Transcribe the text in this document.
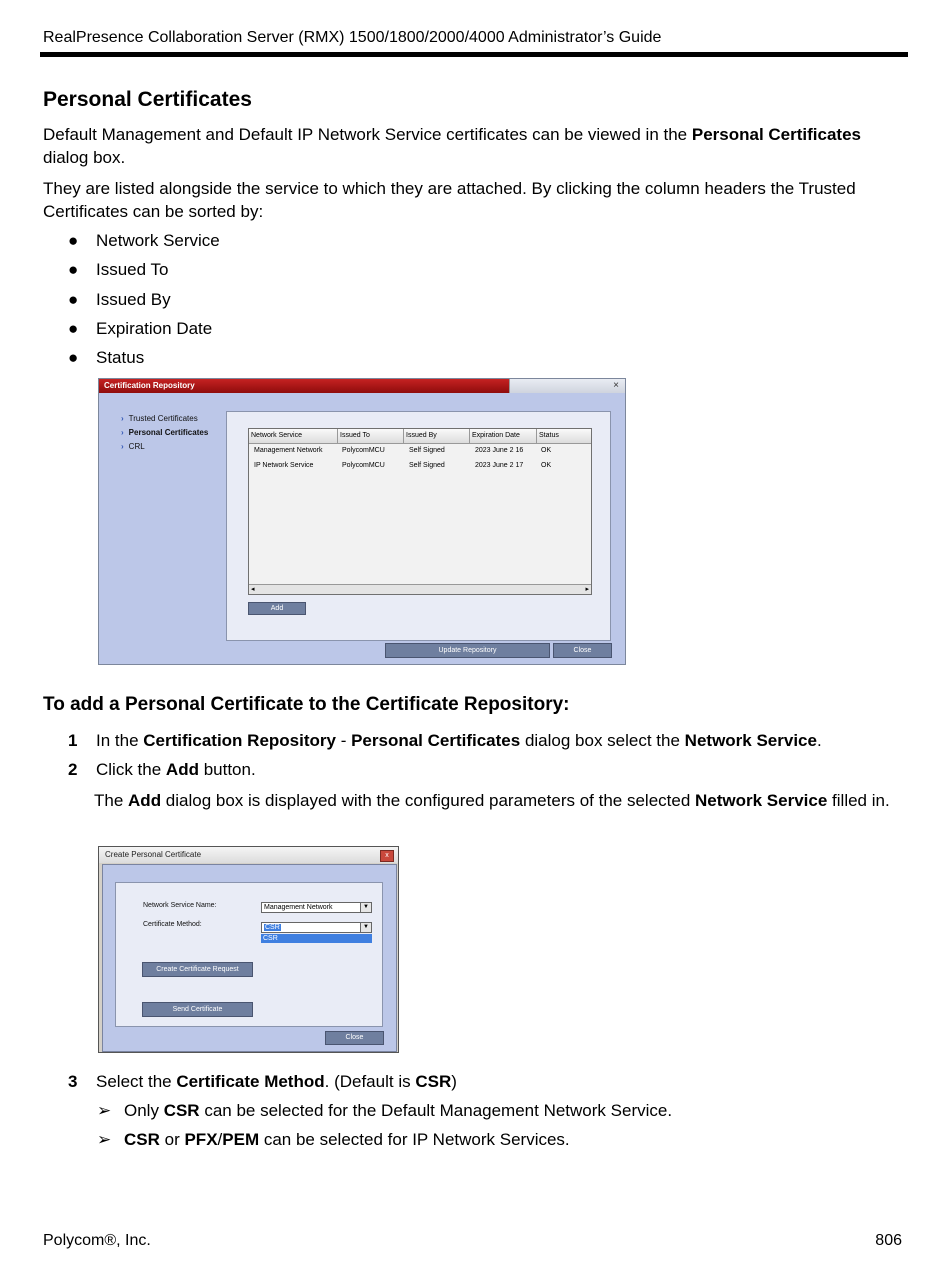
RealPresence Collaboration Server (RMX) 1500/1800/2000/4000 Administrator’s Guide
Personal Certificates

Default Management and Default IP Network Service certificates can be viewed in the Personal Certificates dialog box.

They are listed alongside the service to which they are attached. By clicking the column headers the Trusted Certificates can be sorted by:

● Network Service
● Issued To
● Issued By
● Expiration Date
● Status
Certification Repository	×
› Trusted Certificates
› Personal Certificates
› CRL
Network Service	Issued To	Issued By	Expiration Date	Status
Management Network	PolycomMCU	Self Signed	2023 June 2 16	OK
IP Network Service	PolycomMCU	Self Signed	2023 June 2 17	OK
◂	▸
Add
Update Repository	Close
To add a Personal Certificate to the Certificate Repository:
1 In the Certification Repository - Personal Certificates dialog box select the Network Service.
2 Click the Add button.

The Add dialog box is displayed with the configured parameters of the selected Network Service filled in.

Create Personal Certificate	x
Network Service Name:	Management Network	▼
Certificate Method:	CSR	▼
CSR
Create Certificate Request
Send Certificate
Close
3 Select the Certificate Method. (Default is CSR)
➢ Only CSR can be selected for the Default Management Network Service.
➢ CSR or PFX/PEM can be selected for IP Network Services.
Polycom®, Inc.	806
